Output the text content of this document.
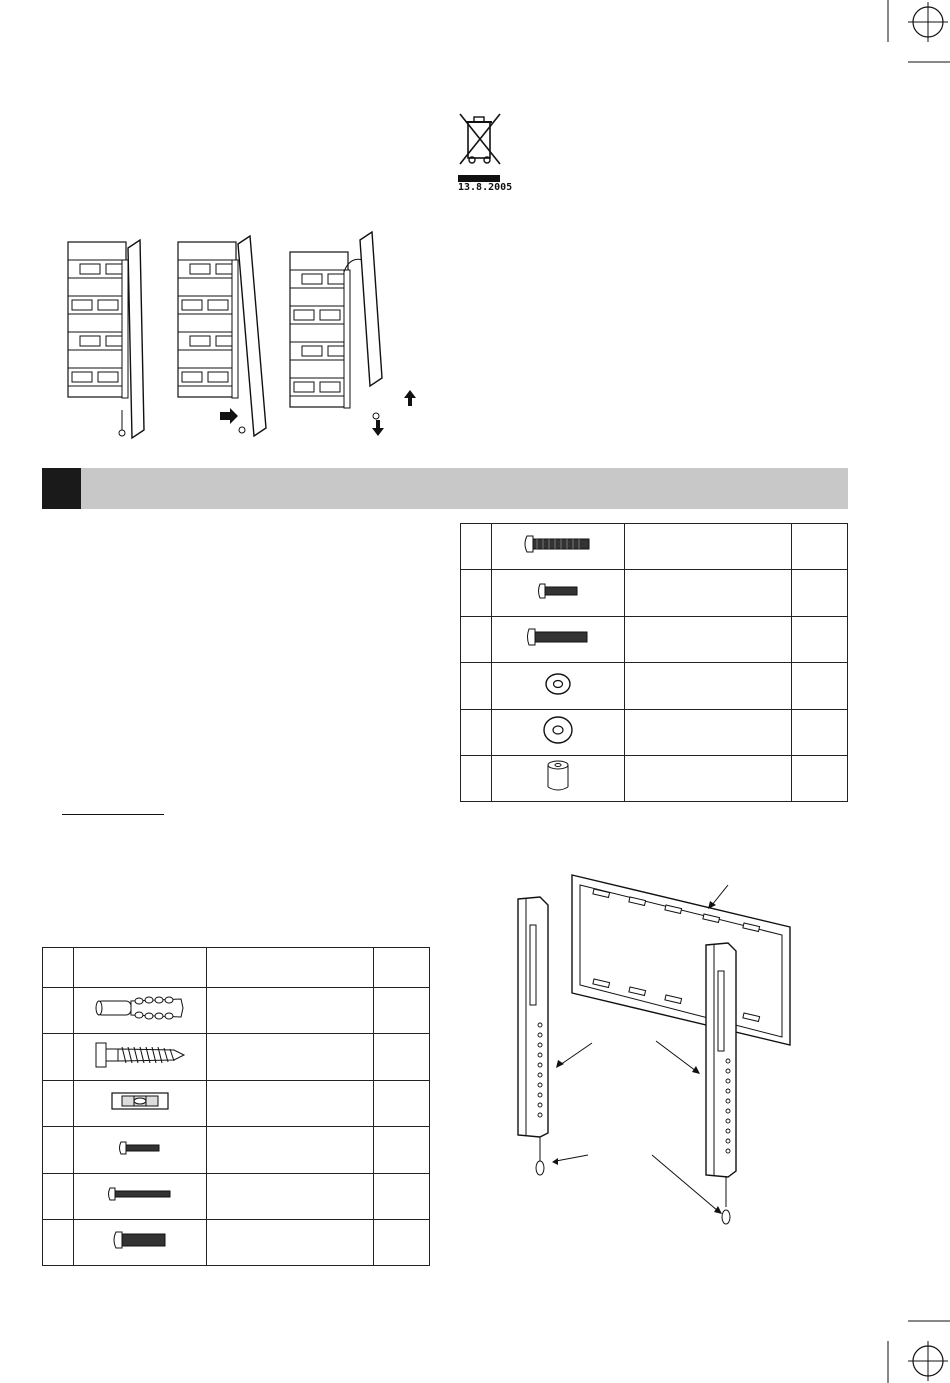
13.8.2005
